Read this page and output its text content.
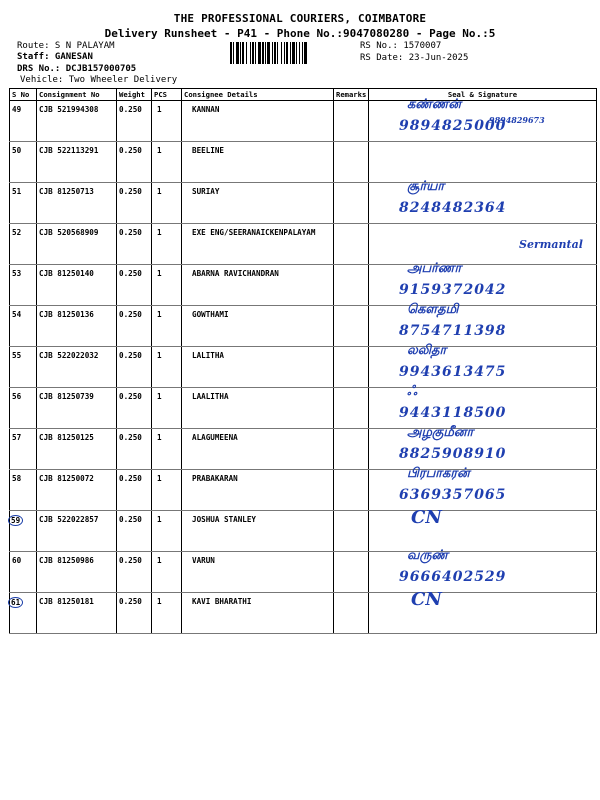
THE PROFESSIONAL COURIERS, COIMBATORE
Delivery Runsheet - P41 - Phone No.:9047080280 - Page No.:5
Route: S N PALAYAM
Staff: GANESAN
DRS No.: DCJB157000705
Vehicle: Two Wheeler Delivery
RS No.: 1570007
RS Date: 23-Jun-2025
S No	Consignment No	Weight	PCS	Consignee Details	Remarks	Seal & Signature
49	CJB 521994308	0.250	1	KANNAN		கண்ணன்
9894825000
9894829673

50	CJB 522113291	0.250	1	BEELINE		
51	CJB 81250713	0.250	1	SURIAY		சூர்யா
8248482364

52	CJB 520568909	0.250	1	EXE ENG/SEERANAICKENPALAYAM		Sermantal

53	CJB 81250140	0.250	1	ABARNA RAVICHANDRAN		அபர்ணா
9159372042

54	CJB 81250136	0.250	1	GOWTHAMI		கௌதமி
8754711398

55	CJB 522022032	0.250	1	LALITHA		லலிதா
9943613475

56	CJB 81250739	0.250	1	LAALITHA		ஃ
9443118500

57	CJB 81250125	0.250	1	ALAGUMEENA		அழகுமீனா
8825908910

58	CJB 81250072	0.250	1	PRABAKARAN		பிரபாகரன்
6369357065

59	CJB 522022857	0.250	1	JOSHUA STANLEY		CN

60	CJB 81250986	0.250	1	VARUN		வருண்
9666402529

61	CJB 81250181	0.250	1	KAVI BHARATHI		CN
